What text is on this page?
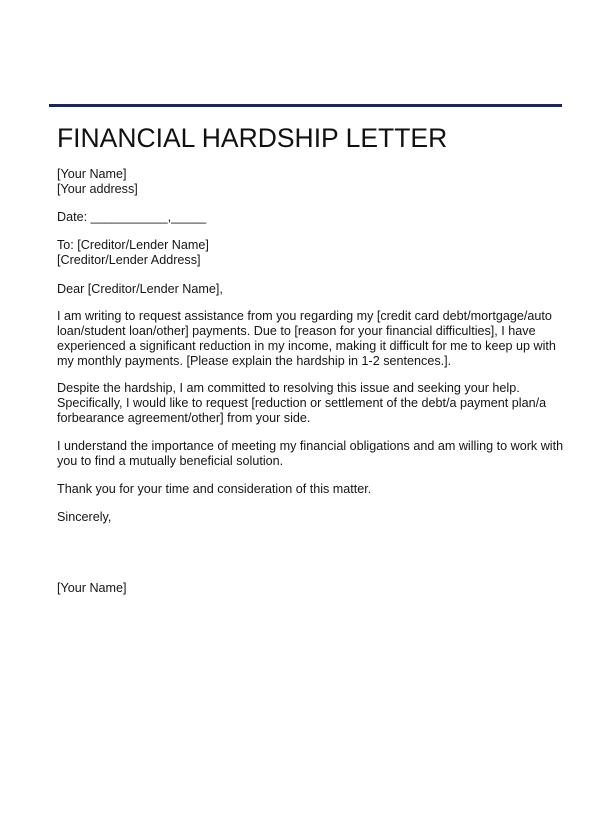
FINANCIAL HARDSHIP LETTER
[Your Name]
[Your address]
Date: ___________,_____
To: [Creditor/Lender Name]
[Creditor/Lender Address]
Dear [Creditor/Lender Name],
I am writing to request assistance from you regarding my [credit card debt/mortgage/auto
loan/student loan/other] payments. Due to [reason for your financial difficulties], I have
experienced a significant reduction in my income, making it difficult for me to keep up with
my monthly payments. [Please explain the hardship in 1-2 sentences.].
Despite the hardship, I am committed to resolving this issue and seeking your help.
Specifically, I would like to request [reduction or settlement of the debt/a payment plan/a
forbearance agreement/other] from your side.
I understand the importance of meeting my financial obligations and am willing to work with
you to find a mutually beneficial solution.
Thank you for your time and consideration of this matter.
Sincerely,
[Your Name]
